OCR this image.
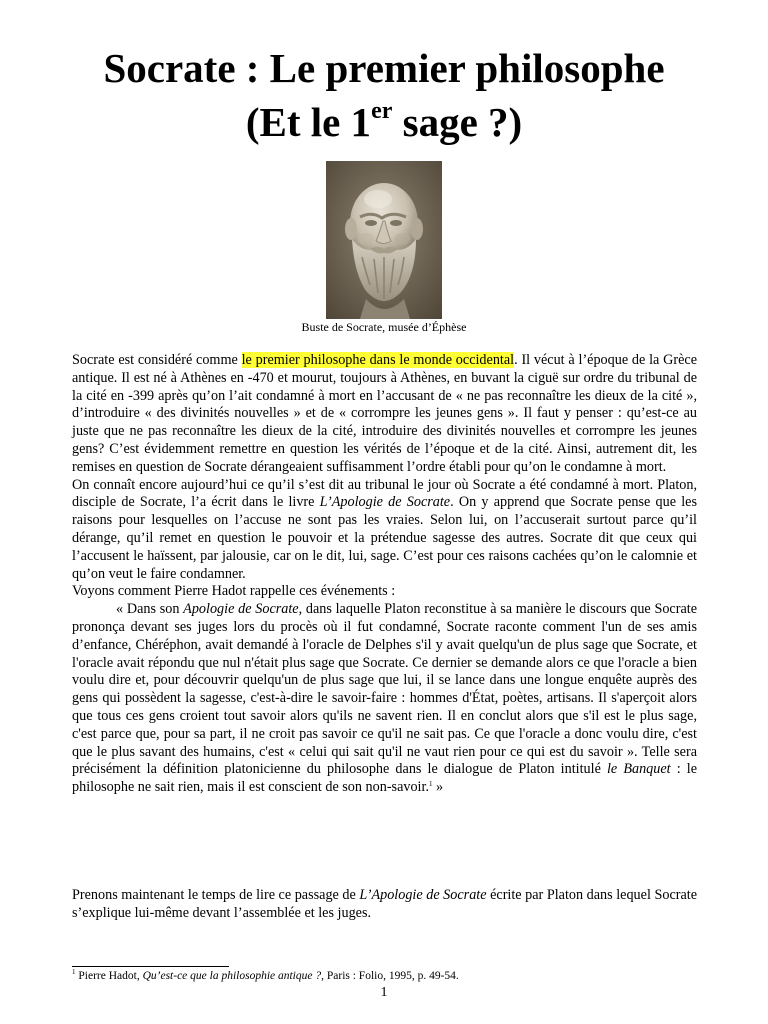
Socrate : Le premier philosophe
(Et le 1er sage ?)
Buste de Socrate, musée d’Éphèse

Socrate est considéré comme le premier philosophe dans le monde occidental. Il vécut à l’époque de la Grèce antique. Il est né à Athènes en -470 et mourut, toujours à Athènes, en buvant la ciguë sur ordre du tribunal de la cité en -399 après qu’on l’ait condamné à mort en l’accusant de « ne pas reconnaître les dieux de la cité », d’introduire « des divinités nouvelles » et de « corrompre les jeunes gens ». Il faut y penser : qu’est-ce au juste que ne pas reconnaître les dieux de la cité, introduire des divinités nouvelles et corrompre les jeunes gens? C’est évidemment remettre en question les vérités de l’époque et de la cité. Ainsi, autrement dit, les remises en question de Socrate dérangeaient suffisamment l’ordre établi pour qu’on le condamne à mort.

On connaît encore aujourd’hui ce qu’il s’est dit au tribunal le jour où Socrate a été condamné à mort. Platon, disciple de Socrate, l’a écrit dans le livre L’Apologie de Socrate. On y apprend que Socrate pense que les raisons pour lesquelles on l’accuse ne sont pas les vraies. Selon lui, on l’accuserait surtout parce qu’il dérange, qu’il remet en question le pouvoir et la prétendue sagesse des autres. Socrate dit que ceux qui l’accusent le haïssent, par jalousie, car on le dit, lui, sage. C’est pour ces raisons cachées qu’on le calomnie et qu’on veut le faire condamner.

Voyons comment Pierre Hadot rappelle ces événements :

« Dans son Apologie de Socrate, dans laquelle Platon reconstitue à sa manière le discours que Socrate prononça devant ses juges lors du procès où il fut condamné, Socrate raconte comment l'un de ses amis d’enfance, Chéréphon, avait demandé à l'oracle de Delphes s'il y avait quelqu'un de plus sage que Socrate, et l'oracle avait répondu que nul n'était plus sage que Socrate. Ce dernier se demande alors ce que l'oracle a bien voulu dire et, pour découvrir quelqu'un de plus sage que lui, il se lance dans une longue enquête auprès des gens qui possèdent la sagesse, c'est-à-dire le savoir-faire : hommes d'État, poètes, artisans. Il s'aperçoit alors que tous ces gens croient tout savoir alors qu'ils ne savent rien. Il en conclut alors que s'il est le plus sage, c'est parce que, pour sa part, il ne croit pas savoir ce qu'il ne sait pas. Ce que l'oracle a donc voulu dire, c'est que le plus savant des humains, c'est « celui qui sait qu'il ne vaut rien pour ce qui est du savoir ». Telle sera précisément la définition platonicienne du philosophe dans le dialogue de Platon intitulé le Banquet : le philosophe ne sait rien, mais il est conscient de son non-savoir.$^1$ »

Prenons maintenant le temps de lire ce passage de L’Apologie de Socrate écrite par Platon dans lequel Socrate s’explique lui-même devant l’assemblée et les juges.

$^1$ Pierre Hadot, Qu’est-ce que la philosophie antique ?, Paris : Folio, 1995, p. 49-54.
1
